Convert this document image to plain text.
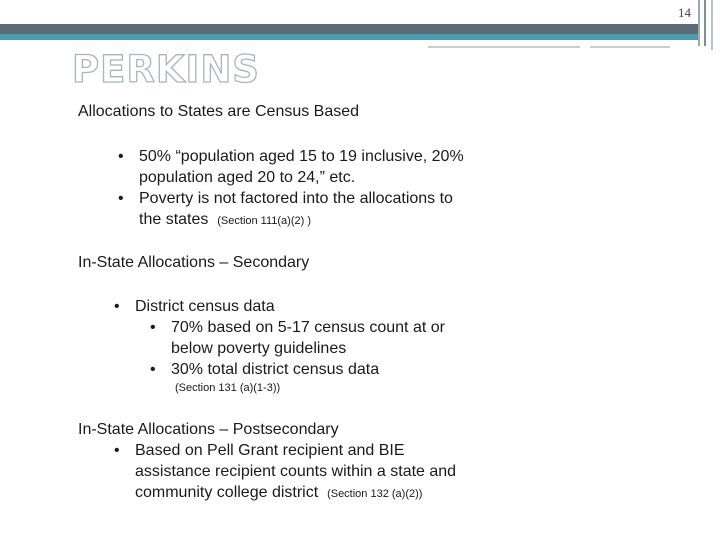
14
PERKINS
Allocations to States are Census Based
• 50% “population aged 15 to 19 inclusive, 20%
population aged 20 to 24,” etc.
• Poverty is not factored into the allocations to
the states (Section 111(a)(2) )
In-State Allocations – Secondary
• District census data
• 70% based on 5-17 census count at or
below poverty guidelines
• 30% total district census data
(Section 131 (a)(1-3))
In-State Allocations – Postsecondary
• Based on Pell Grant recipient and BIE
assistance recipient counts within a state and
community college district (Section 132 (a)(2))
